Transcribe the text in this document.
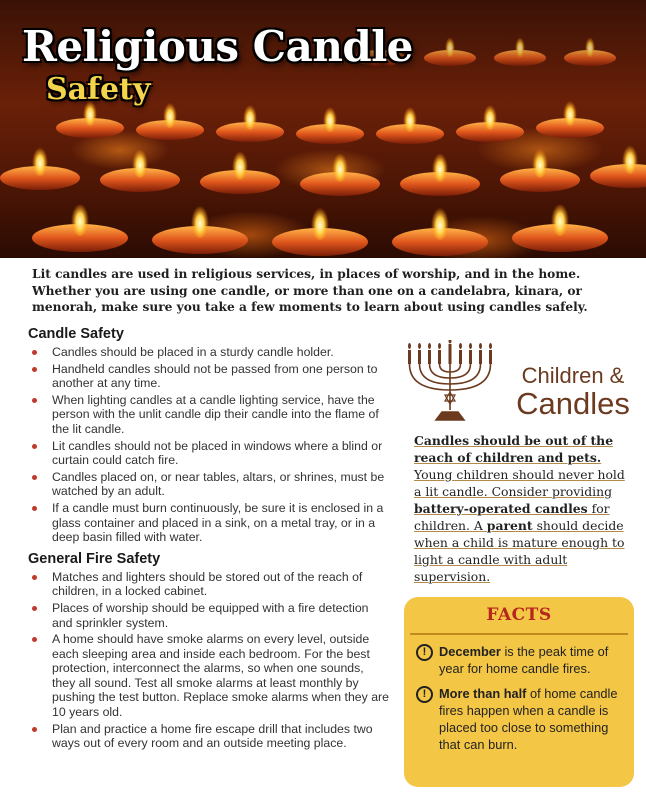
Religious Candle
Safety

Lit candles are used in religious services, in places of worship, and in the home. Whether you are using one candle, or more than one on a candelabra, kinara, or menorah, make sure you take a few moments to learn about using candles safely.

Candle Safety
Candles should be placed in a sturdy candle holder.
Handheld candles should not be passed from one person to another at any time.
When lighting candles at a candle lighting service, have the person with the unlit candle dip their candle into the flame of the lit candle.
Lit candles should not be placed in windows where a blind or curtain could catch fire.
Candles placed on, or near tables, altars, or shrines, must be watched by an adult.
If a candle must burn continuously, be sure it is enclosed in a glass container and placed in a sink, on a metal tray, or in a deep basin filled with water.
General Fire Safety
Matches and lighters should be stored out of the reach of children, in a locked cabinet.
Places of worship should be equipped with a fire detection and sprinkler system.
A home should have smoke alarms on every level, outside each sleeping area and inside each bedroom. For the best protection, interconnect the alarms, so when one sounds, they all sound. Test all smoke alarms at least monthly by pushing the test button. Replace smoke alarms when they are 10 years old.
Plan and practice a home fire escape drill that includes two ways out of every room and an outside meeting place.
Children &
Candles

Candles should be out of the reach of children and pets. Young children should never hold a lit candle. Consider providing battery-operated candles for children. A parent should decide when a child is mature enough to light a candle with adult supervision.

FACTS
! December is the peak time of year for home candle fires.
! More than half of home candle fires happen when a candle is placed too close to something that can burn.
